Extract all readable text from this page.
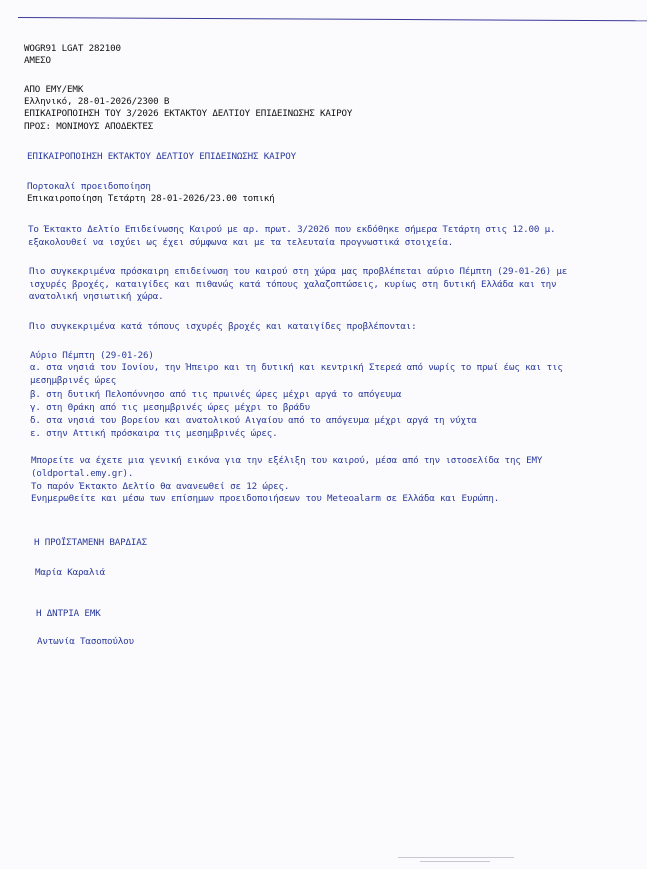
WOGR91 LGAT 282100
ΑΜΕΣΟ
ΑΠΟ ΕΜΥ/ΕΜΚ
Ελληνικό, 28-01-2026/2300 Β
ΕΠΙΚΑΙΡΟΠΟΙΗΣΗ ΤΟΥ 3/2026 ΕΚΤΑΚΤΟΥ ΔΕΛΤΙΟΥ ΕΠΙΔΕΙΝΩΣΗΣ ΚΑΙΡΟΥ
ΠΡΟΣ: ΜΟΝΙΜΟΥΣ ΑΠΟΔΕΚΤΕΣ
ΕΠΙΚΑΙΡΟΠΟΙΗΣΗ ΕΚΤΑΚΤΟΥ ΔΕΛΤΙΟΥ ΕΠΙΔΕΙΝΩΣΗΣ ΚΑΙΡΟΥ
Πορτοκαλί προειδοποίηση
Επικαιροποίηση Τετάρτη 28-01-2026/23.00 τοπική
Το Έκτακτο Δελτίο Επιδείνωσης Καιρού με αρ. πρωτ. 3/2026 που εκδόθηκε σήμερα Τετάρτη στις 12.00 μ.
εξακολουθεί να ισχύει ως έχει σύμφωνα και με τα τελευταία προγνωστικά στοιχεία.
Πιο συγκεκριμένα πρόσκαιρη επιδείνωση του καιρού στη χώρα μας προβλέπεται αύριο Πέμπτη (29-01-26) με
ισχυρές βροχές, καταιγίδες και πιθανώς κατά τόπους χαλαζοπτώσεις, κυρίως στη δυτική Ελλάδα και την
ανατολική νησιωτική χώρα.
Πιο συγκεκριμένα κατά τόπους ισχυρές βροχές και καταιγίδες προβλέπονται:
Αύριο Πέμπτη (29-01-26)
α. στα νησιά του Ιονίου, την Ήπειρο και τη δυτική και κεντρική Στερεά από νωρίς το πρωί έως και τις
μεσημβρινές ώρες
β. στη δυτική Πελοπόννησο από τις πρωινές ώρες μέχρι αργά το απόγευμα
γ. στη Θράκη από τις μεσημβρινές ώρες μέχρι το βράδυ
δ. στα νησιά του βορείου και ανατολικού Αιγαίου από το απόγευμα μέχρι αργά τη νύχτα
ε. στην Αττική πρόσκαιρα τις μεσημβρινές ώρες.
Μπορείτε να έχετε μια γενική εικόνα για την εξέλιξη του καιρού, μέσα από την ιστοσελίδα της ΕΜΥ
(oldportal.emy.gr).
Το παρόν Έκτακτο Δελτίο θα ανανεωθεί σε 12 ώρες.
Ενημερωθείτε και μέσω των επίσημων προειδοποιήσεων του Meteoalarm σε Ελλάδα και Ευρώπη.
Η ΠΡΟΪΣΤΑΜΕΝΗ ΒΑΡΔΙΑΣ
Μαρία Καραλιά
Η ΔΝΤΡΙΑ ΕΜΚ
Αντωνία Τασοπούλου
